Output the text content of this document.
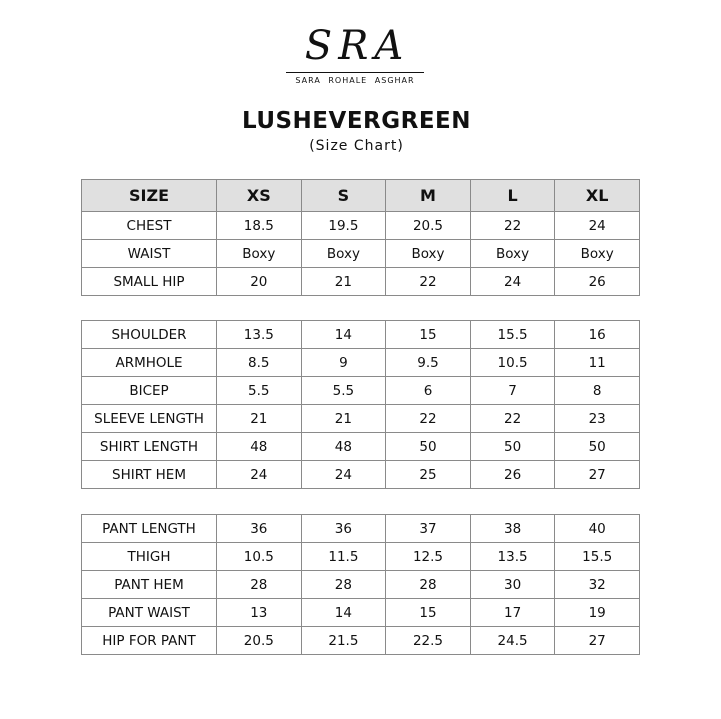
SRA
SARA ROHALE ASGHAR
LUSHEVERGREEN
(Size Chart)
SIZE	XS	S	M	L	XL
CHEST	18.5	19.5	20.5	22	24
WAIST	Boxy	Boxy	Boxy	Boxy	Boxy
SMALL HIP	20	21	22	24	26
SHOULDER	13.5	14	15	15.5	16
ARMHOLE	8.5	9	9.5	10.5	11
BICEP	5.5	5.5	6	7	8
SLEEVE LENGTH	21	21	22	22	23
SHIRT LENGTH	48	48	50	50	50
SHIRT HEM	24	24	25	26	27
PANT LENGTH	36	36	37	38	40
THIGH	10.5	11.5	12.5	13.5	15.5
PANT HEM	28	28	28	30	32
PANT WAIST	13	14	15	17	19
HIP FOR PANT	20.5	21.5	22.5	24.5	27
